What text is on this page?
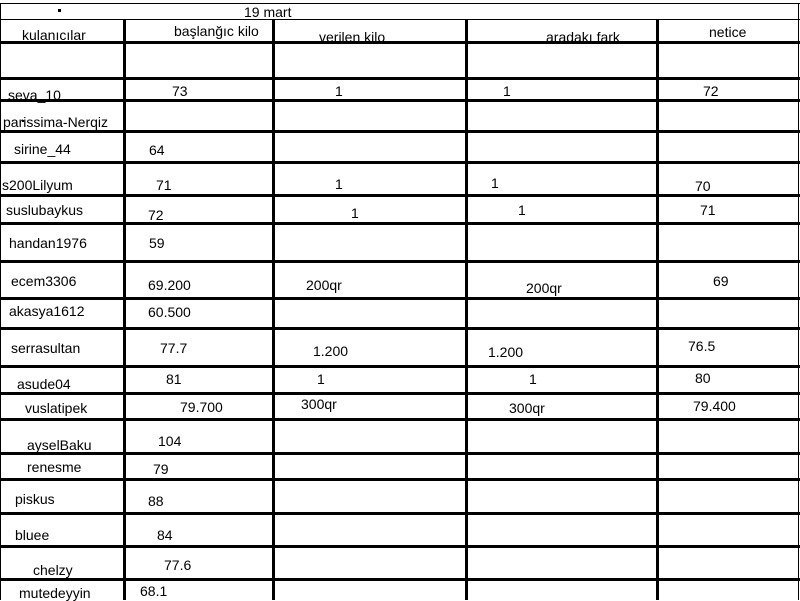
19 mart
kulanıcılar	başlanğıc kilo	verilen kilo	aradakı fark	netice
seva_10	73	1	1	72
parissima-Nerqiz
sirine_44	64
s200Lilyum	71	1	1	70
suslubaykus	72	1	1	71
handan1976	59
ecem3306	69.200	200qr	200qr	69
akasya1612	60.500
serrasultan	77.7	1.200	1.200	76.5
asude04	81	1	1	80
vuslatipek	79.700	300qr	300qr	79.400
ayselBaku	104
renesme	79
piskus	88
bluee	84
chelzy	77.6
mutedeyyin	68.1
